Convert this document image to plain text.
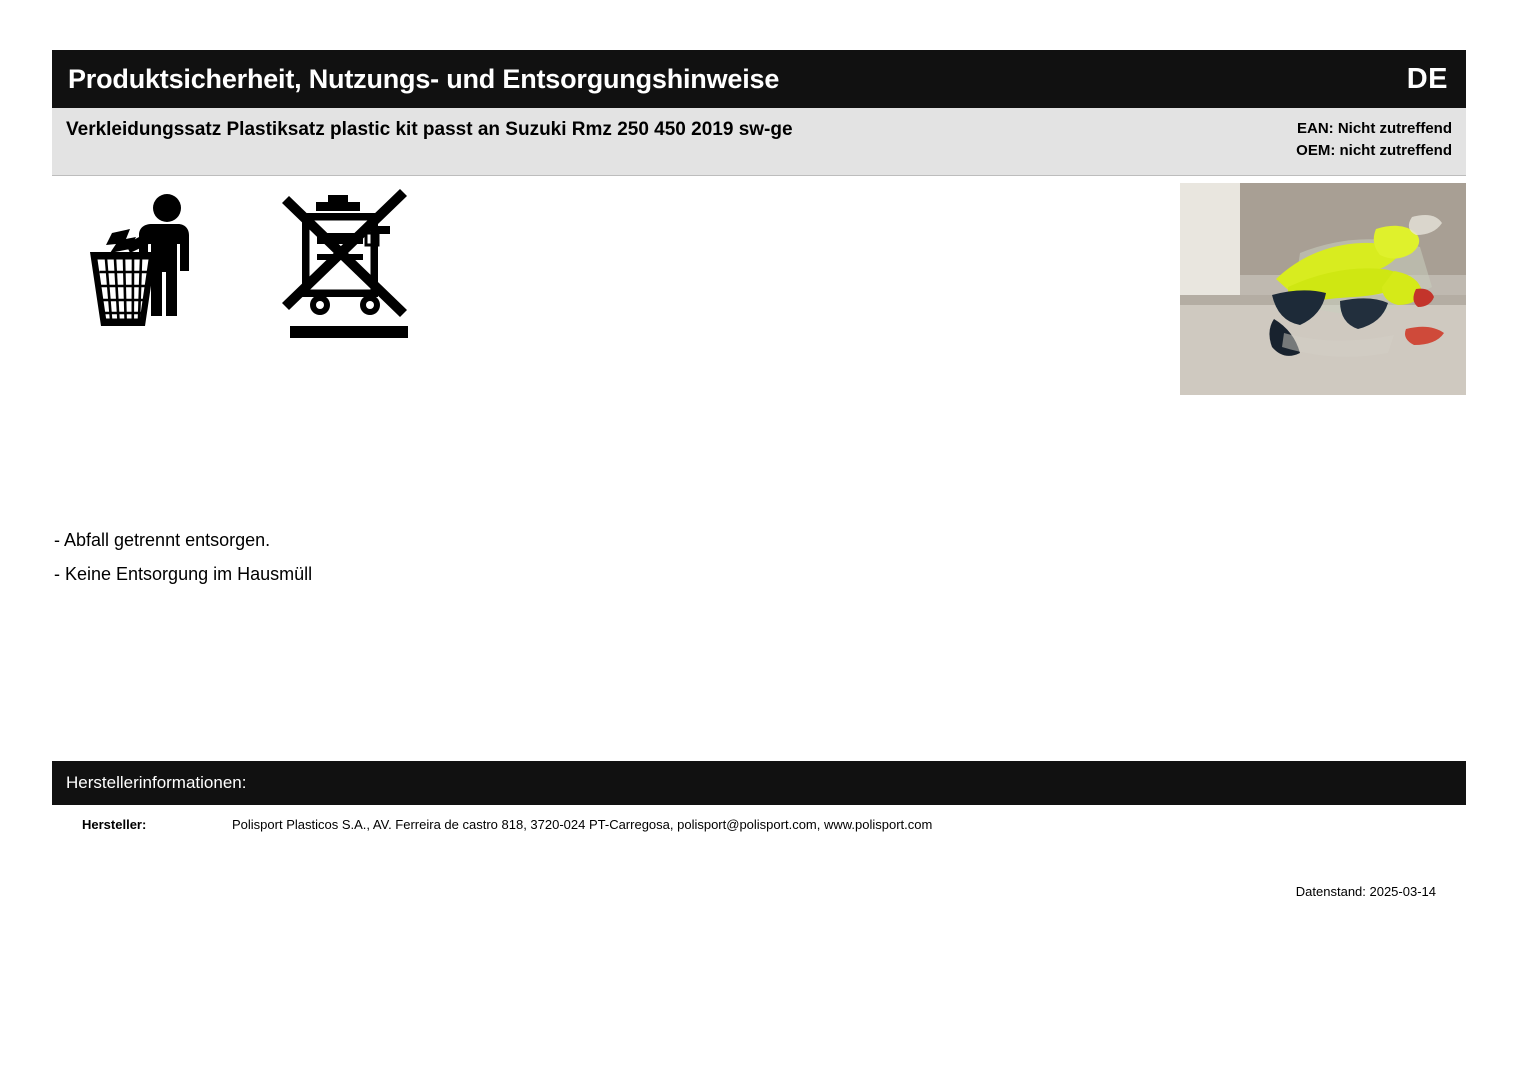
Produktsicherheit, Nutzungs- und Entsorgungshinweise	DE
Verkleidungssatz Plastiksatz plastic kit passt an Suzuki Rmz 250 450 2019 sw-ge	EAN: Nicht zutreffend
OEM: nicht zutreffend
- Abfall getrennt entsorgen.
- Keine Entsorgung im Hausmüll
Herstellerinformationen:
Hersteller:	Polisport Plasticos S.A., AV. Ferreira de castro 818, 3720-024 PT-Carregosa, polisport@polisport.com, www.polisport.com
Datenstand: 2025-03-14
